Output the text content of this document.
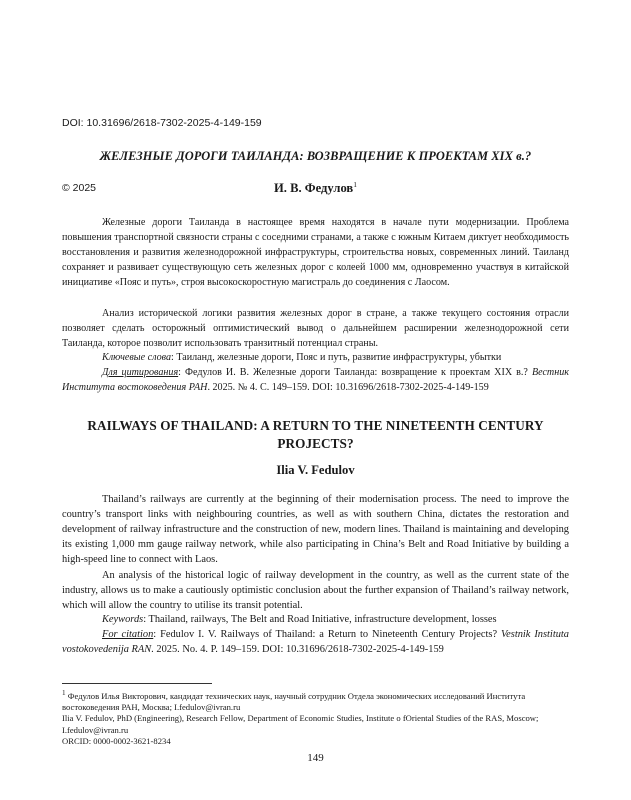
DOI: 10.31696/2618-7302-2025-4-149-159
ЖЕЛЕЗНЫЕ ДОРОГИ ТАИЛАНДА: ВОЗВРАЩЕНИЕ К ПРОЕКТАМ XIX в.?
© 2025	И. В. Федулов$^1$

Железные дороги Таиланда в настоящее время находятся в начале пути модернизации. Проблема повышения транспортной связности страны с соседними странами, а также с южным Китаем диктует необходимость восстановления и развития железнодорожной инфраструктуры, строительства новых, современных линий. Таиланд сохраняет и развивает существующую сеть железных дорог с колеей 1000 мм, одновременно участвуя в китайской инициативе «Пояс и путь», строя высокоскоростную магистраль до соединения с Лаосом.

Анализ исторической логики развития железных дорог в стране, а также текущего состояния отрасли позволяет сделать осторожный оптимистический вывод о дальнейшем расширении железнодорожной сети Таиланда, которое позволит использовать транзитный потенциал страны.

Ключевые слова: Таиланд, железные дороги, Пояс и путь, развитие инфраструктуры, убытки

Для цитирования: Федулов И. В. Железные дороги Таиланда: возвращение к проектам XIX в.? Вестник Института востоковедения РАН. 2025. № 4. С. 149–159. DOI: 10.31696/2618-7302-2025-4-149-159

RAILWAYS OF THAILAND: A RETURN TO THE NINETEENTH CENTURY
PROJECTS?
Ilia V. Fedulov

Thailand’s railways are currently at the beginning of their modernisation process. The need to improve the country’s transport links with neighbouring countries, as well as with southern China, dictates the restoration and development of railway infrastructure and the construction of new, modern lines. Thailand is maintaining and developing its existing 1,000 mm gauge railway network, while also participating in China’s Belt and Road Initiative by building a high-speed line to connect with Laos.

An analysis of the historical logic of railway development in the country, as well as the current state of the industry, allows us to make a cautiously optimistic conclusion about the further expansion of Thailand’s railway network, which will allow the country to utilise its transit potential.

Keywords: Thailand, railways, The Belt and Road Initiative, infrastructure development, losses

For citation: Fedulov I. V. Railways of Thailand: a Return to Nineteenth Century Projects? Vestnik Instituta vostokovedenija RAN. 2025. No. 4. P. 149–159. DOI: 10.31696/2618-7302-2025-4-149-159

$^1$ Федулов Илья Викторович, кандидат технических наук, научный сотрудник Отдела экономических исследований Института востоковедения РАН, Москва; I.fedulov@ivran.ru

Ilia V. Fedulov, PhD (Engineering), Research Fellow, Department of Economic Studies, Institute o fOriental Studies of the RAS, Moscow; I.fedulov@ivran.ru

ORCID: 0000-0002-3621-8234

149
